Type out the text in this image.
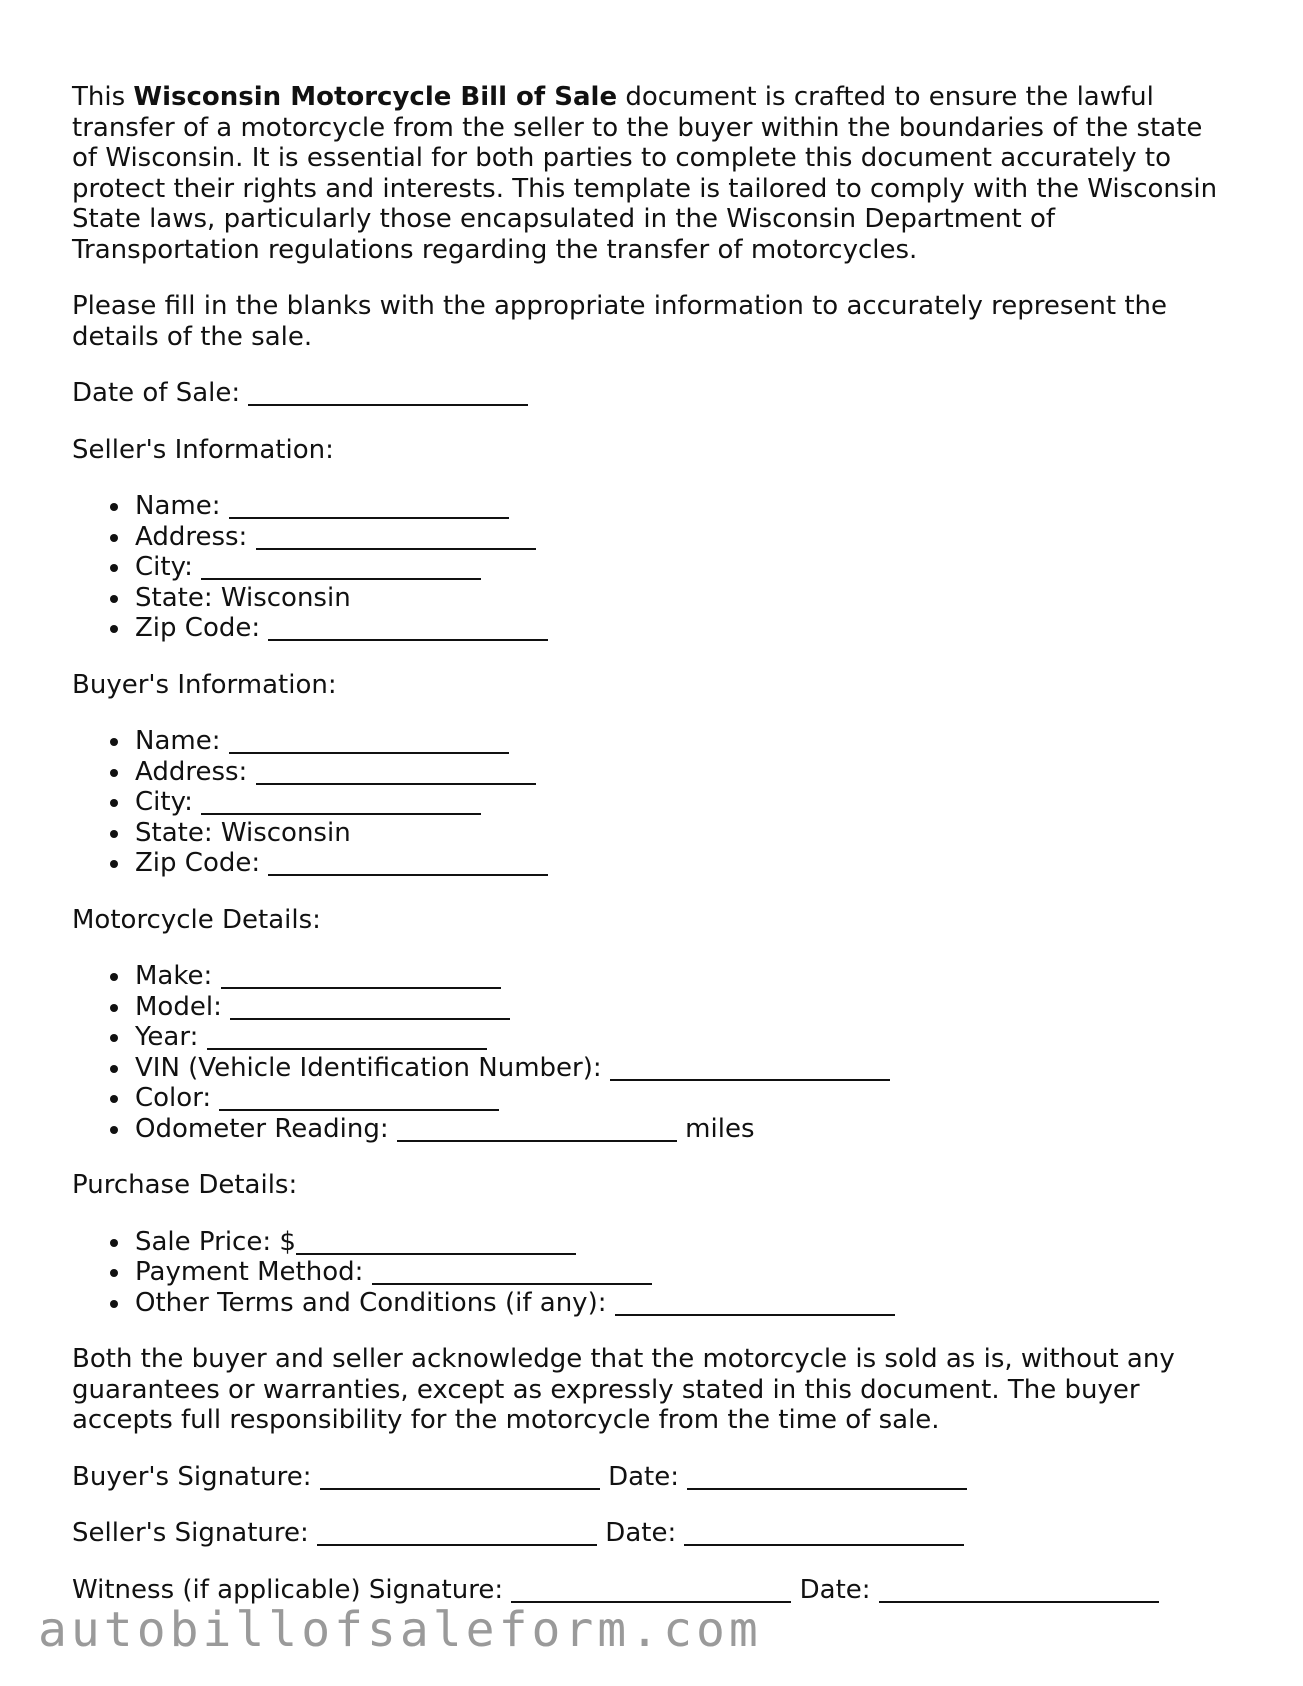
This Wisconsin Motorcycle Bill of Sale document is crafted to ensure the lawful transfer of a motorcycle from the seller to the buyer within the boundaries of the state of Wisconsin. It is essential for both parties to complete this document accurately to protect their rights and interests. This template is tailored to comply with the Wisconsin State laws, particularly those encapsulated in the Wisconsin Department of Transportation regulations regarding the transfer of motorcycles.

Please fill in the blanks with the appropriate information to accurately represent the details of the sale.

Date of Sale:

Seller's Information:

Name:
Address:
City:
State: Wisconsin
Zip Code:

Buyer's Information:

Name:
Address:
City:
State: Wisconsin
Zip Code:

Motorcycle Details:

Make:
Model:
Year:
VIN (Vehicle Identification Number):
Color:
Odometer Reading:	miles

Purchase Details:

Sale Price: $
Payment Method:
Other Terms and Conditions (if any):

Both the buyer and seller acknowledge that the motorcycle is sold as is, without any guarantees or warranties, except as expressly stated in this document. The buyer accepts full responsibility for the motorcycle from the time of sale.

Buyer's Signature:	Date:

Seller's Signature:	Date:

Witness (if applicable) Signature:	Date:

autobillofsaleform.com
